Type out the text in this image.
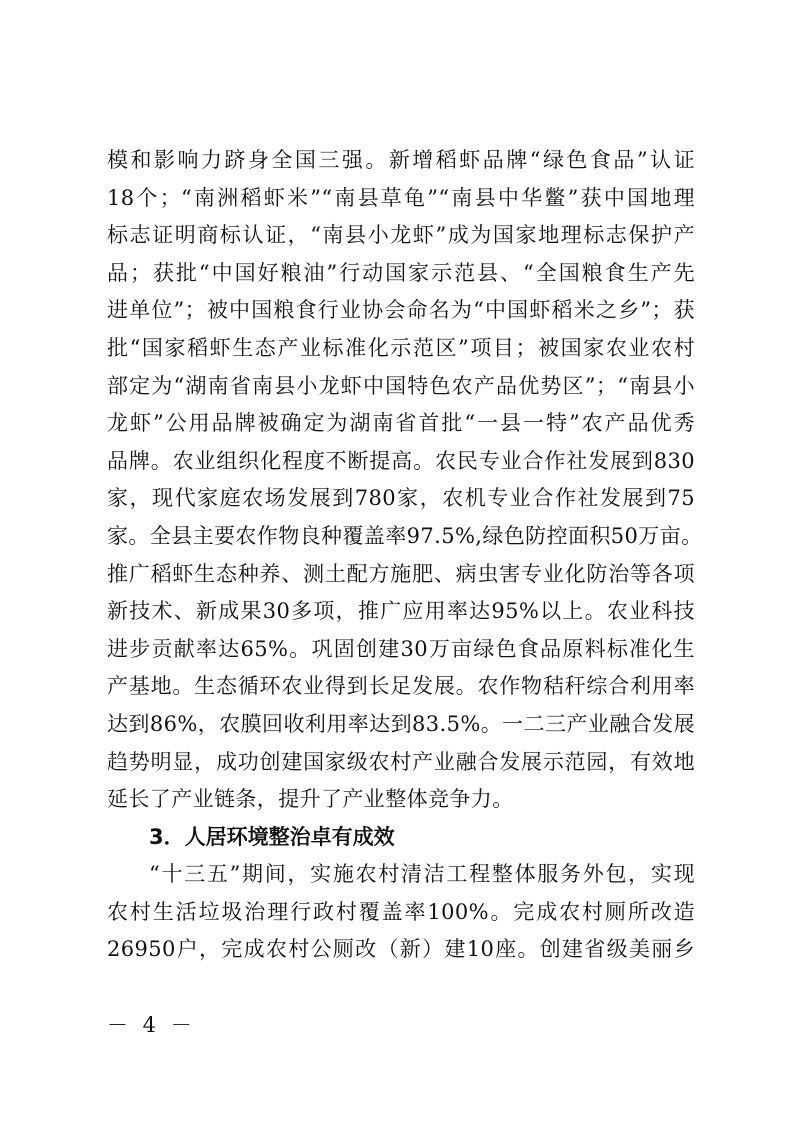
模和影响力跻身全国三强。新增稻虾品牌“绿色食品”认证
18个；“南洲稻虾米”“南县草龟”“南县中华鳖”获中国地理
标志证明商标认证，“南县小龙虾”成为国家地理标志保护产
品；获批“中国好粮油”行动国家示范县、“全国粮食生产先
进单位”；被中国粮食行业协会命名为“中国虾稻米之乡”；获
批“国家稻虾生态产业标准化示范区”项目；被国家农业农村
部定为“湖南省南县小龙虾中国特色农产品优势区”；“南县小
龙虾”公用品牌被确定为湖南省首批“一县一特”农产品优秀
品牌。农业组织化程度不断提高。农民专业合作社发展到830
家，现代家庭农场发展到780家，农机专业合作社发展到75
家。全县主要农作物良种覆盖率97.5%,绿色防控面积50万亩。
推广稻虾生态种养、测土配方施肥、病虫害专业化防治等各项
新技术、新成果30多项，推广应用率达95%以上。农业科技
进步贡献率达65%。巩固创建30万亩绿色食品原料标准化生
产基地。生态循环农业得到长足发展。农作物秸秆综合利用率
达到86%，农膜回收利用率达到83.5%。一二三产业融合发展
趋势明显，成功创建国家级农村产业融合发展示范园，有效地
延长了产业链条，提升了产业整体竞争力。
3．人居环境整治卓有成效
“十三五”期间，实施农村清洁工程整体服务外包，实现
农村生活垃圾治理行政村覆盖率100%。完成农村厕所改造
26950户，完成农村公厕改（新）建10座。创建省级美丽乡
－ 4 －
